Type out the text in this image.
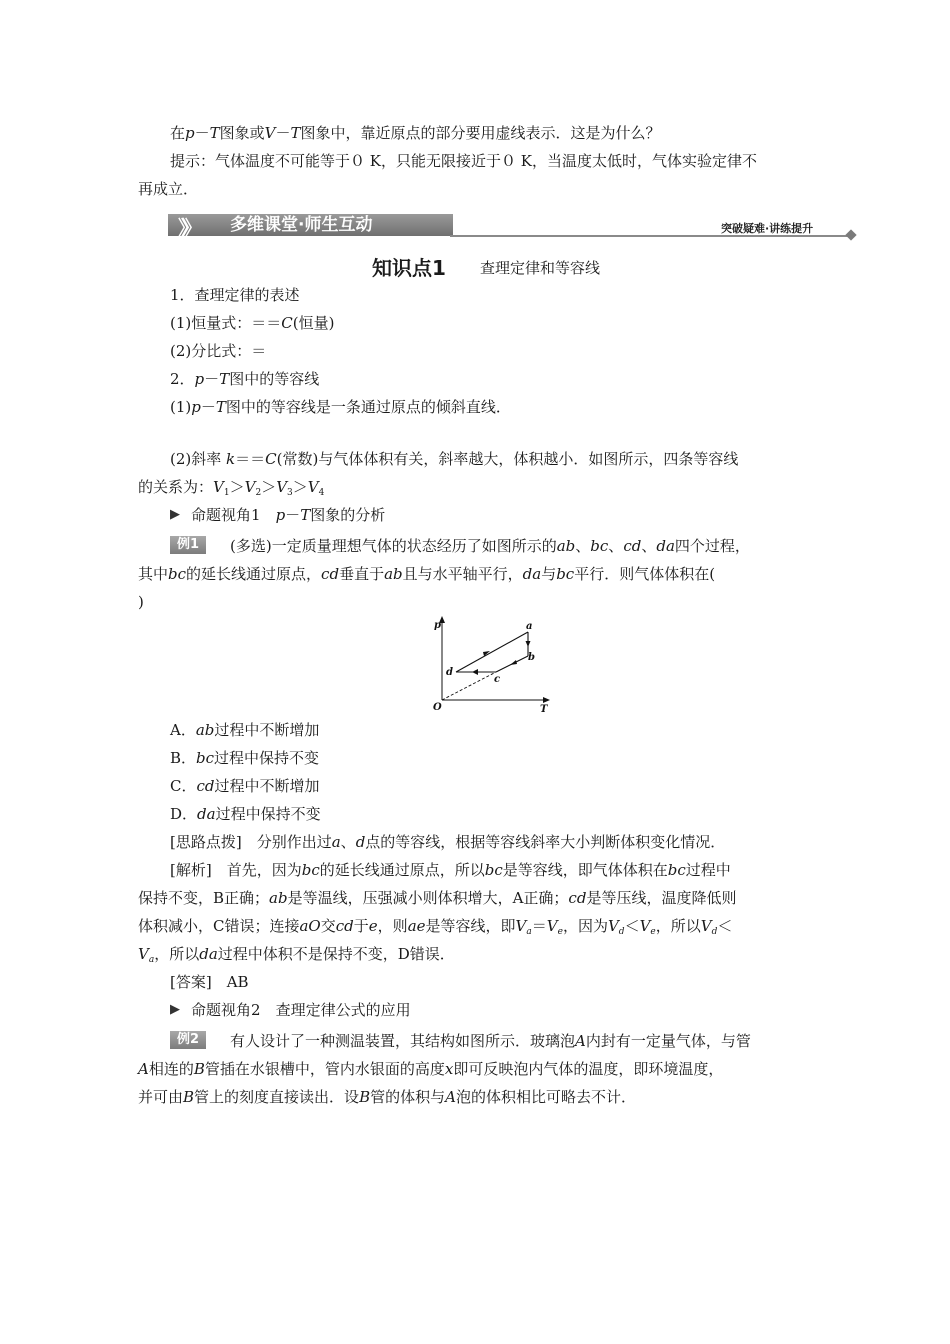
在p－T图象或V－T图象中，靠近原点的部分要用虚线表示．这是为什么？
提示：气体温度不可能等于０ K，只能无限接近于０ K，当温度太低时，气体实验定律不
再成立．
》》 多维课堂·师生互动	突破疑难·讲练提升
知识点1 查理定律和等容线
1．查理定律的表述
(1)恒量式：＝＝C(恒量)
(2)分比式：＝
2．p－T图中的等容线
(1)p－T图中的等容线是一条通过原点的倾斜直线．
(2)斜率 k＝＝C(常数)与气体体积有关，斜率越大，体积越小．如图所示，四条等容线
的关系为：$V_1>V_2>V_3>V_4$
▶ 命题视角1　 p－T图象的分析
例1	(多选)一定质量理想气体的状态经历了如图所示的ab、bc、cd、da四个过程，
其中bc的延长线通过原点，cd垂直于ab且与水平轴平行，da与bc平行．则气体体积在(
)
p
T
O
a
b
c
d
A．ab过程中不断增加
B．bc过程中保持不变
C．cd过程中不断增加
D．da过程中保持不变
[思路点拨]　分别作出过a、d点的等容线，根据等容线斜率大小判断体积变化情况．
[解析]　首先，因为bc的延长线通过原点，所以bc是等容线，即气体体积在bc过程中
保持不变，B正确；ab是等温线，压强减小则体积增大，A正确；cd是等压线，温度降低则
体积减小，C错误；连接aO交cd于e，则ae是等容线，即$V_a=V_e$，因为$V_d<V_e$，所以$V_d<$
$V_a$，所以da过程中体积不是保持不变，D错误．
[答案]　AB
▶ 命题视角2　 查理定律公式的应用
例2	有人设计了一种测温装置，其结构如图所示．玻璃泡A内封有一定量气体，与管
A相连的B管插在水银槽中，管内水银面的高度x即可反映泡内气体的温度，即环境温度，
并可由B管上的刻度直接读出．设B管的体积与A泡的体积相比可略去不计．
